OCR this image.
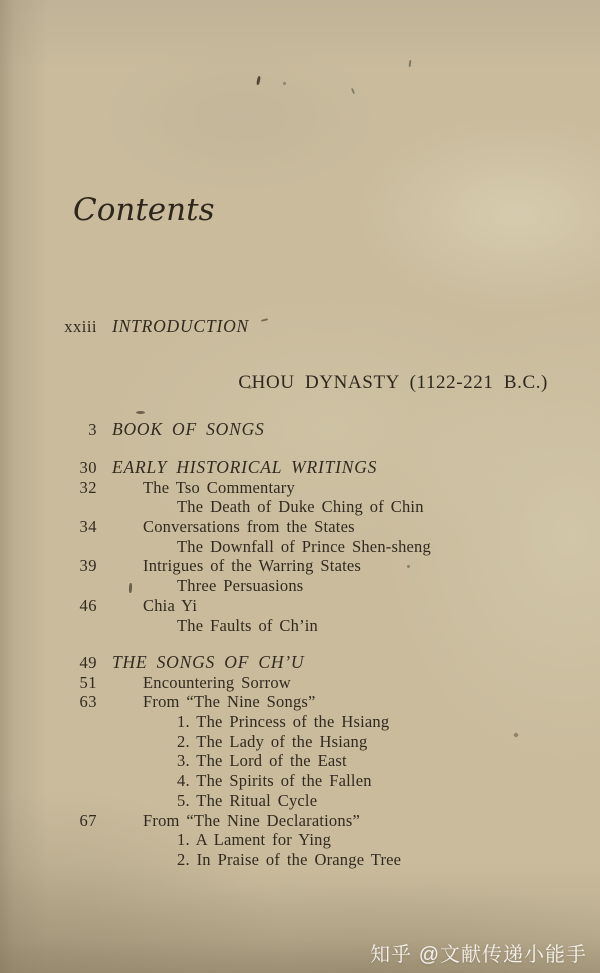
Contents
xxiii INTRODUCTION
CHOU DYNASTY (1122-221 B.C.)
3 BOOK OF SONGS
30 EARLY HISTORICAL WRITINGS
32	The Tso Commentary
The Death of Duke Ching of Chin
34	Conversations from the States
The Downfall of Prince Shen-sheng
39	Intrigues of the Warring States
Three Persuasions
46	Chia Yi
The Faults of Ch’in
49 THE SONGS OF CH’U
51	Encountering Sorrow
63	From “The Nine Songs”
1. The Princess of the Hsiang
2. The Lady of the Hsiang
3. The Lord of the East
4. The Spirits of the Fallen
5. The Ritual Cycle
67	From “The Nine Declarations”
1. A Lament for Ying
2. In Praise of the Orange Tree
知乎 @文献传递小能手
